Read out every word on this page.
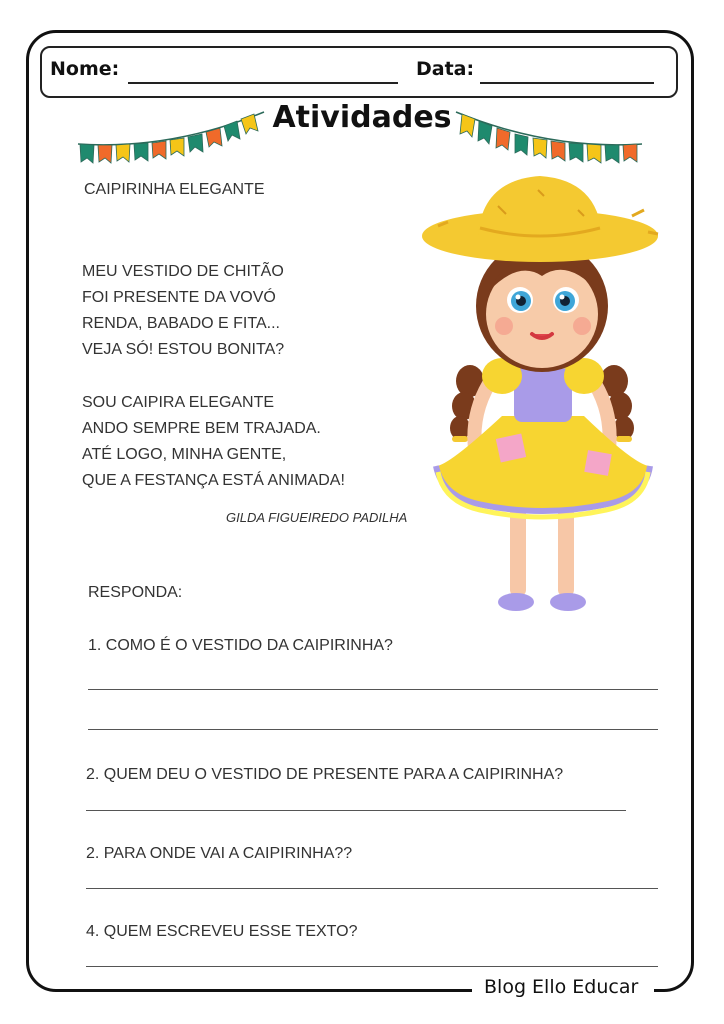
Nome:	Data:
Atividades
CAIPIRINHA ELEGANTE
MEU VESTIDO DE CHITÃO
FOI PRESENTE DA VOVÓ
RENDA, BABADO E FITA...
VEJA SÓ! ESTOU BONITA?
SOU CAIPIRA ELEGANTE
ANDO SEMPRE BEM TRAJADA.
ATÉ LOGO, MINHA GENTE,
QUE A FESTANÇA ESTÁ ANIMADA!
GILDA FIGUEIREDO PADILHA
RESPONDA:
1. COMO É O VESTIDO DA CAIPIRINHA?
2. QUEM DEU O VESTIDO DE PRESENTE PARA A CAIPIRINHA?
2. PARA ONDE VAI A CAIPIRINHA??
4. QUEM ESCREVEU ESSE TEXTO?
Blog Ello Educar
